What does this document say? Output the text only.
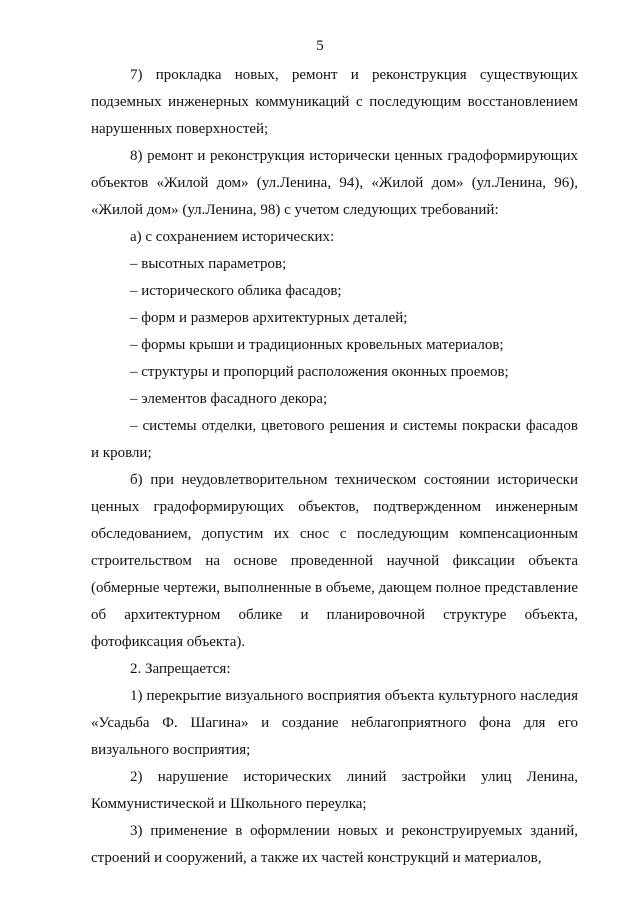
5

7) прокладка новых, ремонт и реконструкция существующих подземных инженерных коммуникаций с последующим восстановлением нарушенных поверхностей;

8) ремонт и реконструкция исторически ценных градоформирующих объектов «Жилой дом» (ул.Ленина, 94), «Жилой дом» (ул.Ленина, 96), «Жилой дом» (ул.Ленина, 98) с учетом следующих требований:

а) с сохранением исторических:

– высотных параметров;

– исторического облика фасадов;

– форм и размеров архитектурных деталей;

– формы крыши и традиционных кровельных материалов;

– структуры и пропорций расположения оконных проемов;

– элементов фасадного декора;

– системы отделки, цветового решения и системы покраски фасадов и кровли;

б) при неудовлетворительном техническом состоянии исторически ценных градоформирующих объектов, подтвержденном инженерным обследованием, допустим их снос с последующим компенсационным строительством на основе проведенной научной фиксации объекта (обмерные чертежи, выполненные в объеме, дающем полное представление об архитектурном облике и планировочной структуре объекта, фотофиксация объекта).

2. Запрещается:

1) перекрытие визуального восприятия объекта культурного наследия «Усадьба Ф. Шагина» и создание неблагоприятного фона для его визуального восприятия;

2) нарушение исторических линий застройки улиц Ленина, Коммунистической и Школьного переулка;

3) применение в оформлении новых и реконструируемых зданий, строений и сооружений, а также их частей конструкций и материалов,
